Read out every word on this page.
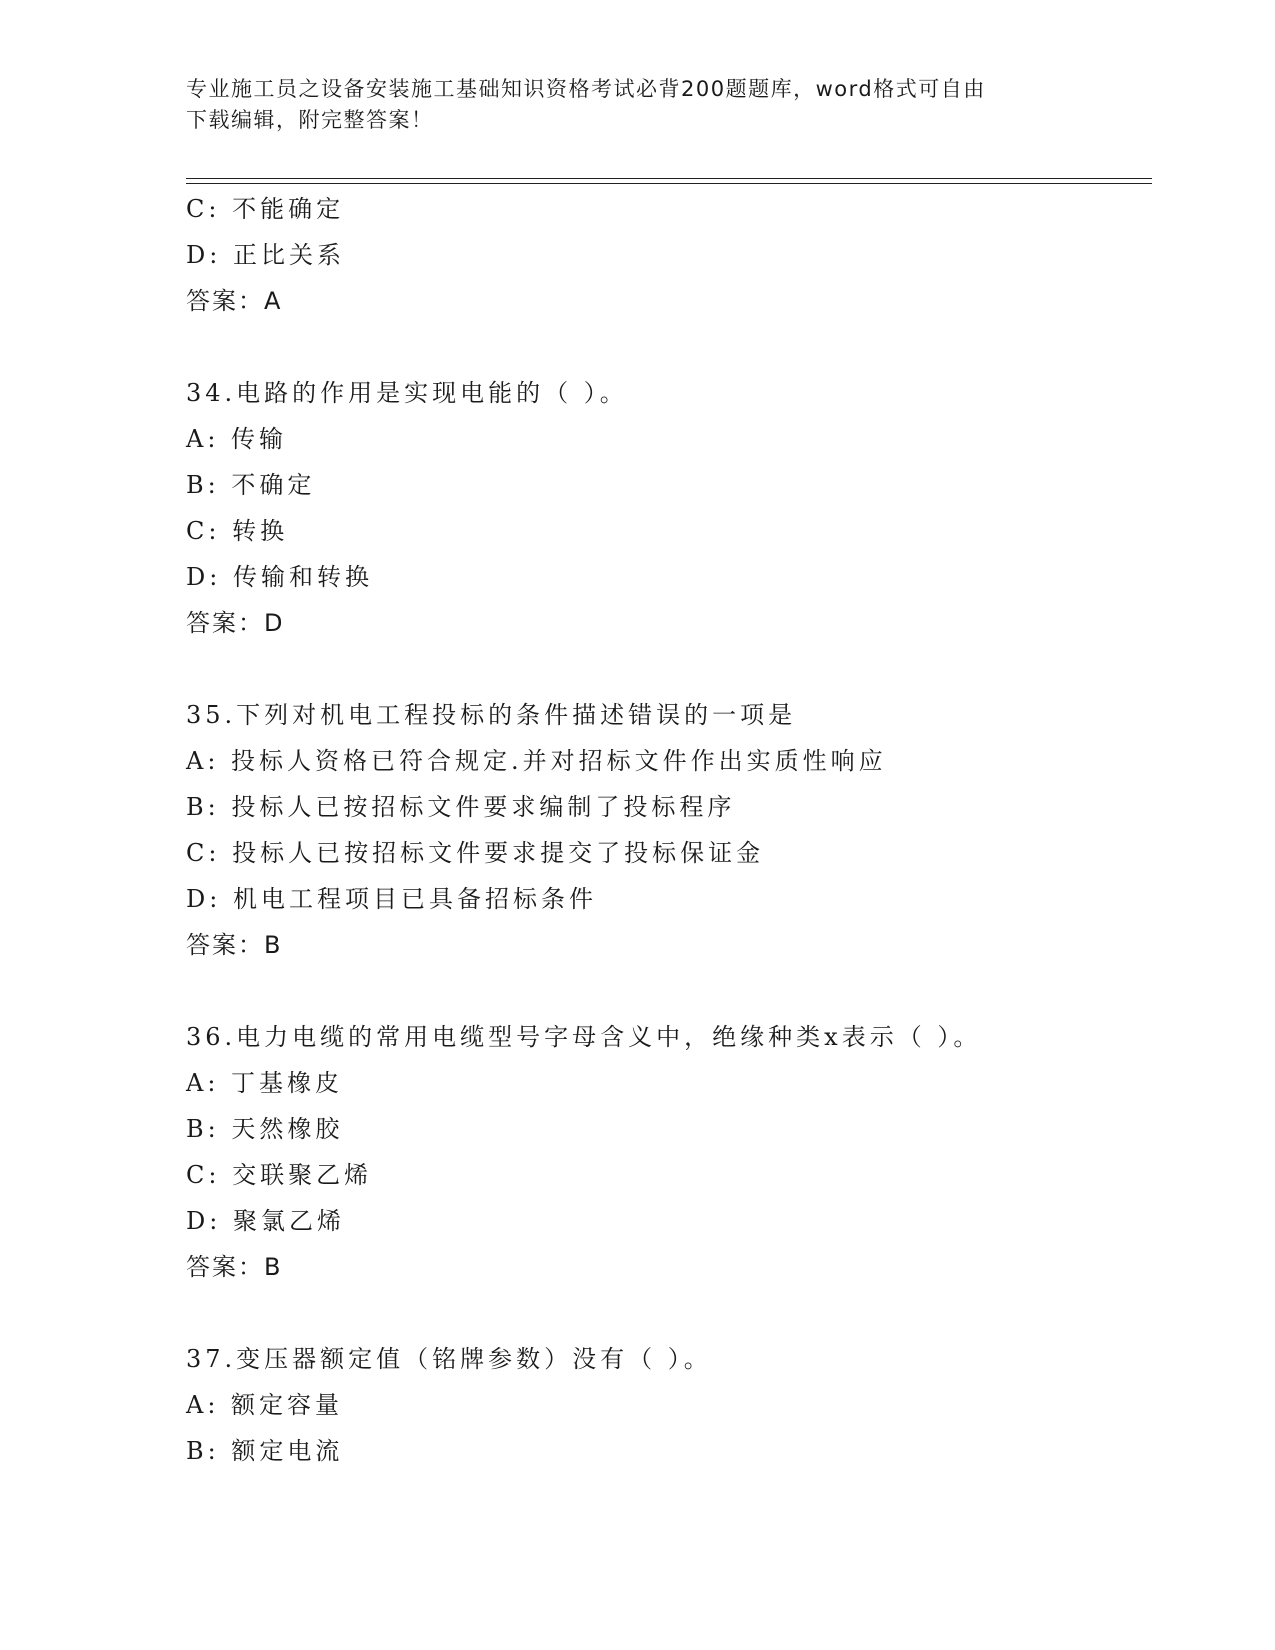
专业施工员之设备安装施工基础知识资格考试必背200题题库，word格式可自由
下载编辑，附完整答案！
C: 不能确定
D: 正比关系
答案：A
34.电路的作用是实现电能的（ ）。
A: 传输
B: 不确定
C: 转换
D: 传输和转换
答案：D
35.下列对机电工程投标的条件描述错误的一项是
A: 投标人资格已符合规定.并对招标文件作出实质性响应
B: 投标人已按招标文件要求编制了投标程序
C: 投标人已按招标文件要求提交了投标保证金
D: 机电工程项目已具备招标条件
答案：B
36.电力电缆的常用电缆型号字母含义中，绝缘种类x表示（ ）。
A: 丁基橡皮
B: 天然橡胶
C: 交联聚乙烯
D: 聚氯乙烯
答案：B
37.变压器额定值（铭牌参数）没有（ ）。
A: 额定容量
B: 额定电流
